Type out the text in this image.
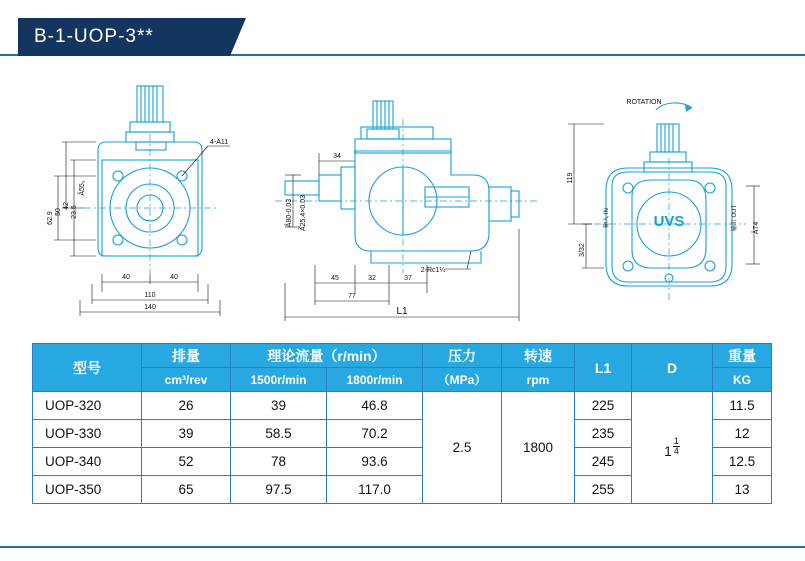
B-1-UOP-3**
40	40
110
140
4-Ä11
42 23.5
50
62.9
Â55₃
34
45	32	37
77
L1
2-Rc1¼
Â80-0.03 Â25.4×0.03	UVS
119
3/32
Â74
ROTATION
输入 IN	输出 OUT
型号	排量	理论流量（r/min）		压力	转速	L1	D	重量
	cm³/rev	1500r/min	1800r/min	（MPa）	rpm			KG
UOP-320	26	39	46.8	2.5	1800	225	$1 \frac{1}{4}$	11.5
UOP-330	39	58.5	70.2			235		12
UOP-340	52	78	93.6			245		12.5
UOP-350	65	97.5	117.0			255		13
